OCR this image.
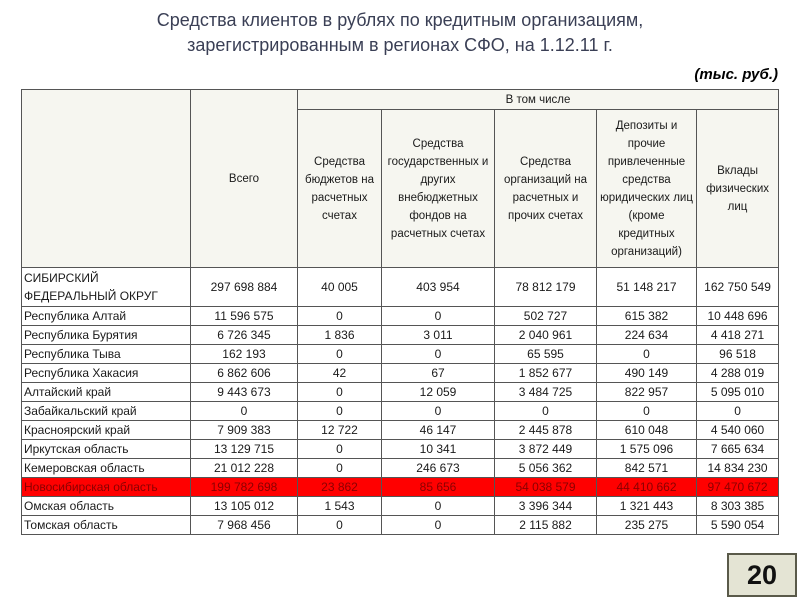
Средства клиентов в рублях по кредитным организациям,
зарегистрированным в регионах СФО, на 1.12.11 г.
(тыс. руб.)
	Всего	В том числе				
		Средства бюджетов на расчетных счетах	Средства государственных и других внебюджетных фондов на расчетных счетах	Средства организаций на расчетных и прочих счетах	Депозиты и прочие привлеченные средства юридических лиц (кроме кредитных организаций)	Вклады физических лиц
СИБИРСКИЙ ФЕДЕРАЛЬНЫЙ ОКРУГ	297 698 884	40 005	403 954	78 812 179	51 148 217	162 750 549
Республика Алтай	11 596 575	0	0	502 727	615 382	10 448 696
Республика Бурятия	6 726 345	1 836	3 011	2 040 961	224 634	4 418 271
Республика Тыва	162 193	0	0	65 595	0	96 518
Республика Хакасия	6 862 606	42	67	1 852 677	490 149	4 288 019
Алтайский край	9 443 673	0	12 059	3 484 725	822 957	5 095 010
Забайкальский край	0	0	0	0	0	0
Красноярский край	7 909 383	12 722	46 147	2 445 878	610 048	4 540 060
Иркутская область	13 129 715	0	10 341	3 872 449	1 575 096	7 665 634
Кемеровская область	21 012 228	0	246 673	5 056 362	842 571	14 834 230
Новосибирская область	199 782 698	23 862	85 656	54 038 579	44 410 662	97 470 672
Омская область	13 105 012	1 543	0	3 396 344	1 321 443	8 303 385
Томская область	7 968 456	0	0	2 115 882	235 275	5 590 054
20
